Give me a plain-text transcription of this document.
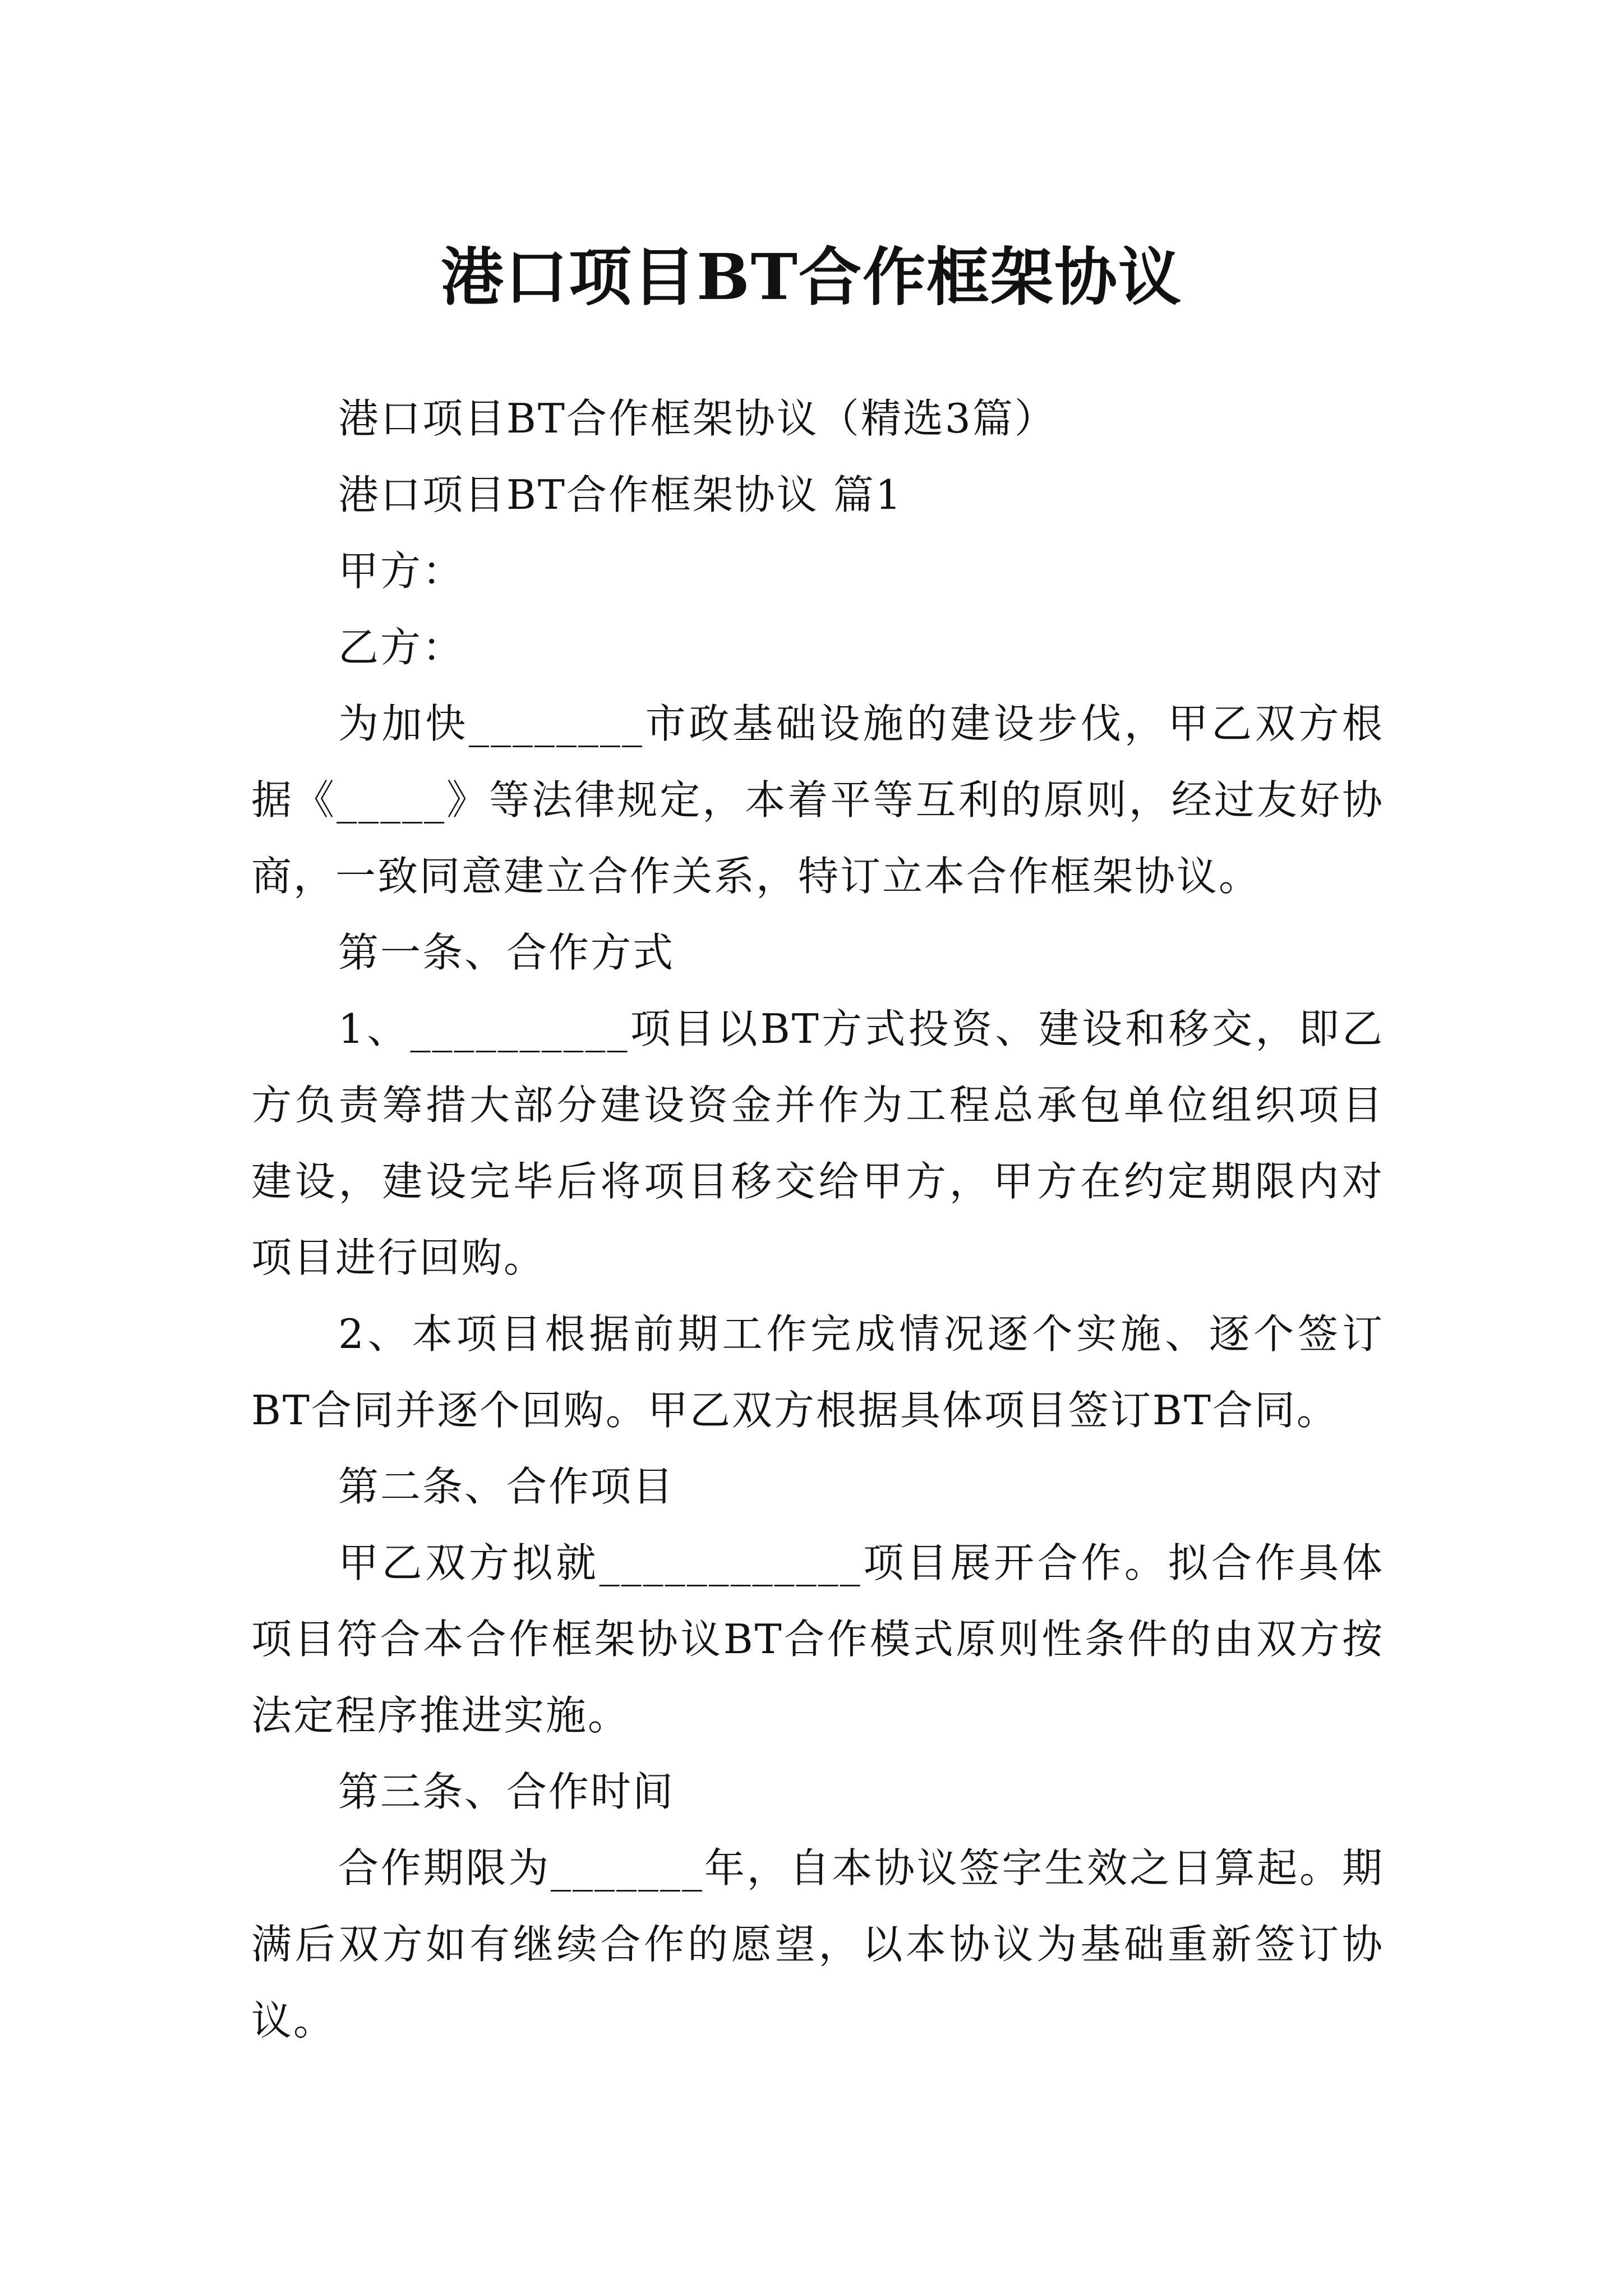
港口项目BT合作框架协议

港口项目BT合作框架协议（精选3篇）

港口项目BT合作框架协议 篇1

甲方：

乙方：

为加快________市政基础设施的建设步伐，甲乙双方根据《_____》等法律规定，本着平等互利的原则，经过友好协商，一致同意建立合作关系，特订立本合作框架协议。

第一条、合作方式

1、__________项目以BT方式投资、建设和移交，即乙方负责筹措大部分建设资金并作为工程总承包单位组织项目建设，建设完毕后将项目移交给甲方，甲方在约定期限内对项目进行回购。

2、本项目根据前期工作完成情况逐个实施、逐个签订BT合同并逐个回购。甲乙双方根据具体项目签订BT合同。

第二条、合作项目

甲乙双方拟就____________项目展开合作。拟合作具体项目符合本合作框架协议BT合作模式原则性条件的由双方按法定程序推进实施。

第三条、合作时间

合作期限为_______年，自本协议签字生效之日算起。期满后双方如有继续合作的愿望，以本协议为基础重新签订协议。
